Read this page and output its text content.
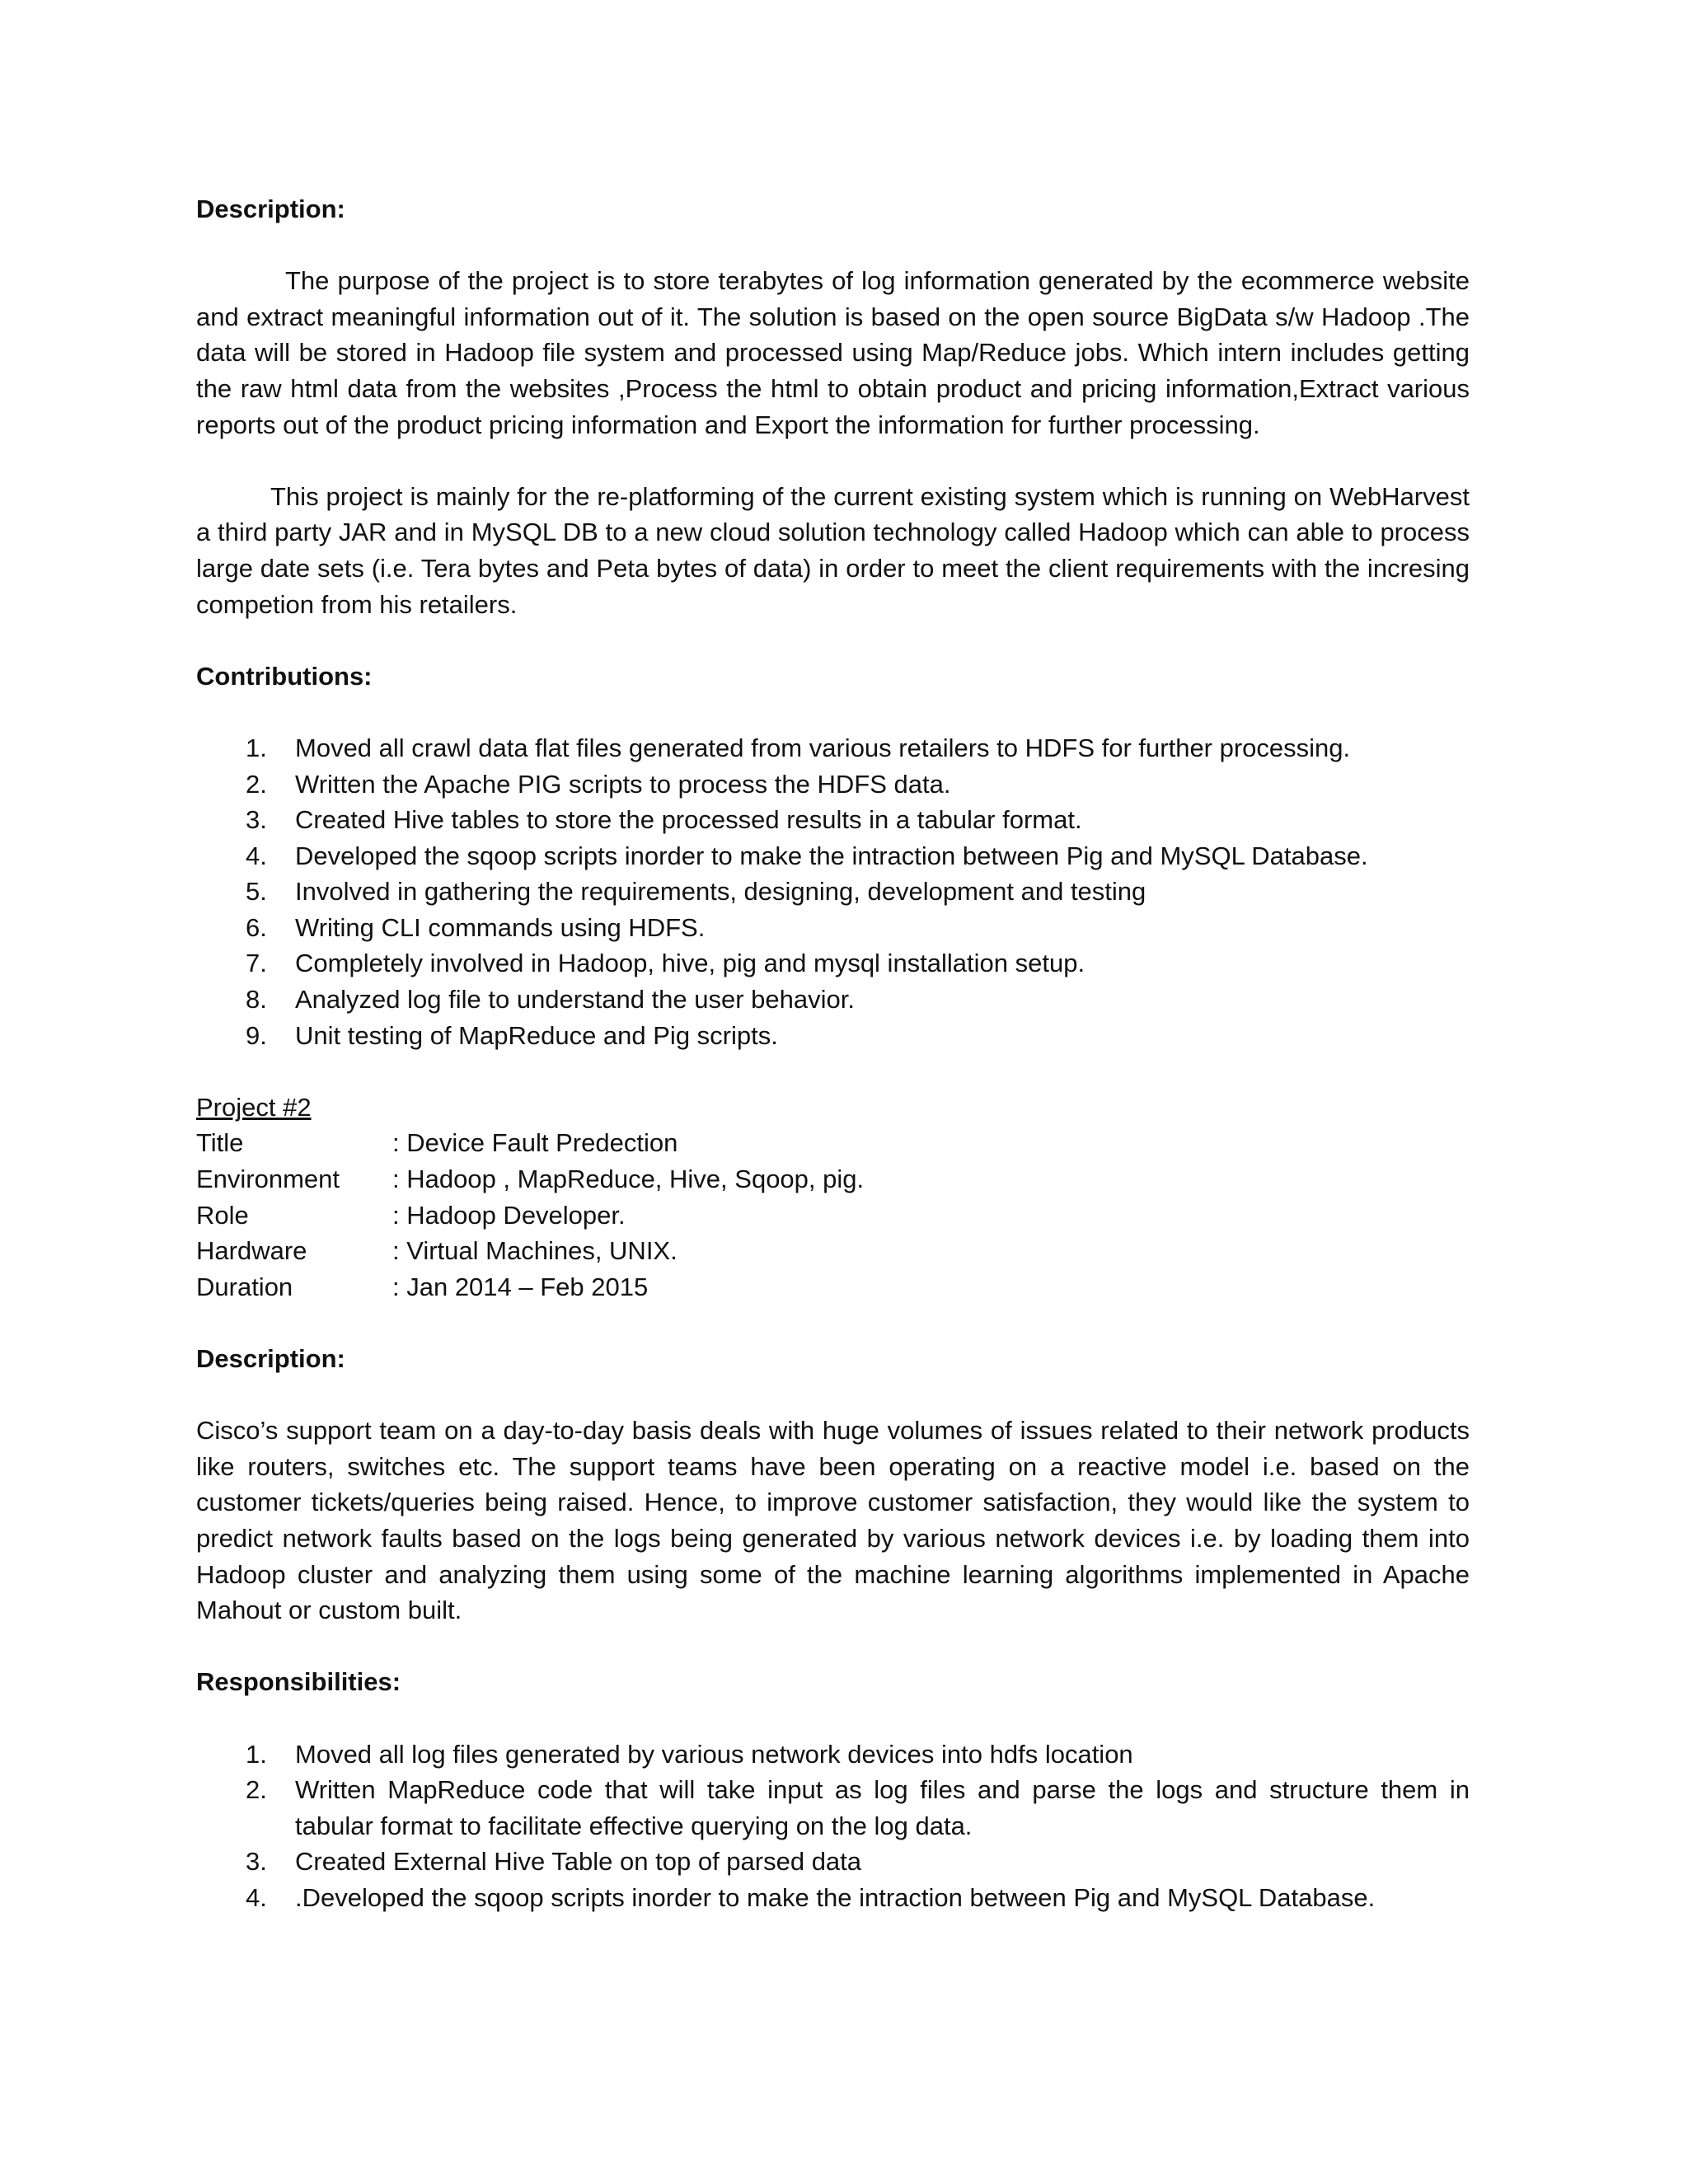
Description:

The purpose of the project is to store terabytes of log information generated by the ecommerce website and extract meaningful information out of it. The solution is based on the open source BigData s/w Hadoop .The data will be stored in Hadoop file system and processed using Map/Reduce jobs. Which intern includes getting the raw html data from the websites ,Process the html to obtain product and pricing information,Extract various reports out of the product pricing information and Export the information for further processing.

This project is mainly for the re-platforming of the current existing system which is running on WebHarvest a third party JAR and in MySQL DB to a new cloud solution technology called Hadoop which can able to process large date sets (i.e. Tera bytes and Peta bytes of data) in order to meet the client requirements with the incresing competion from his retailers.

Contributions:

1. Moved all crawl data flat files generated from various retailers to HDFS for further processing.
2. Written the Apache PIG scripts to process the HDFS data.
3. Created Hive tables to store the processed results in a tabular format.
4. Developed the sqoop scripts inorder to make the intraction between Pig and MySQL Database.
5. Involved in gathering the requirements, designing, development and testing
6. Writing CLI commands using HDFS.
7. Completely involved in Hadoop, hive, pig and mysql installation setup.
8. Analyzed log file to understand the user behavior.
9. Unit testing of MapReduce and Pig scripts.

Project #2

Title	: Device Fault Predection
Environment	: Hadoop , MapReduce, Hive, Sqoop, pig.
Role	: Hadoop Developer.
Hardware	: Virtual Machines, UNIX.
Duration	: Jan 2014 – Feb 2015

Description:

Cisco’s support team on a day-to-day basis deals with huge volumes of issues related to their network products like routers, switches etc. The support teams have been operating on a reactive model i.e. based on the customer tickets/queries being raised. Hence, to improve customer satisfaction, they would like the system to predict network faults based on the logs being generated by various network devices i.e. by loading them into Hadoop cluster and analyzing them using some of the machine learning algorithms implemented in Apache Mahout or custom built.

Responsibilities:

1. Moved all log files generated by various network devices into hdfs location
2. Written MapReduce code that will take input as log files and parse the logs and structure them in tabular format to facilitate effective querying on the log data.
3. Created External Hive Table on top of parsed data
4. .Developed the sqoop scripts inorder to make the intraction between Pig and MySQL Database.
